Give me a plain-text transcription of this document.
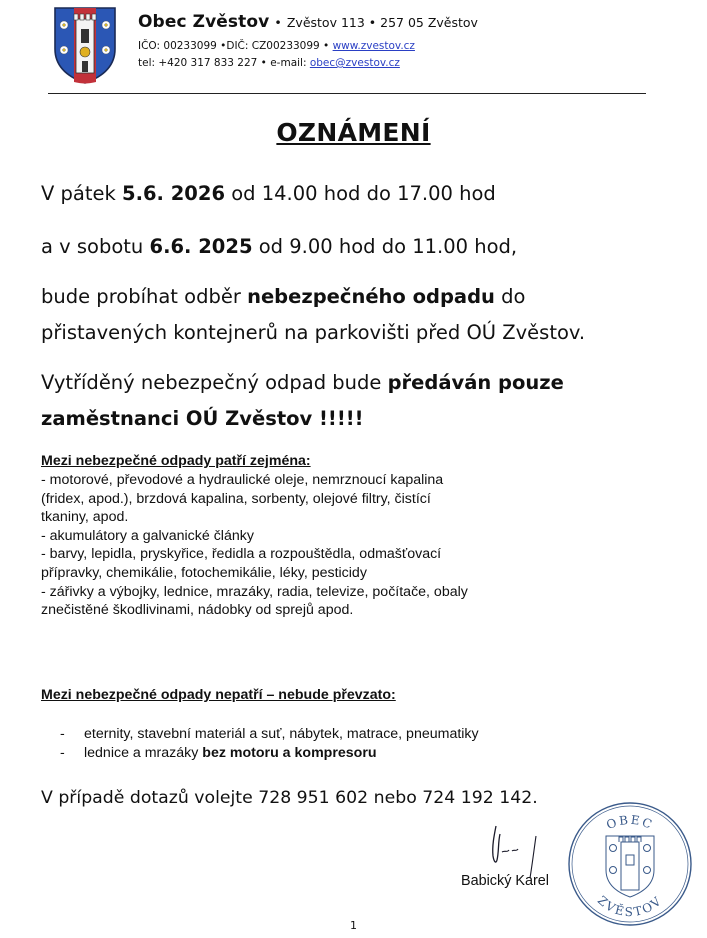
Obec Zvěstov • Zvěstov 113 • 257 05 Zvěstov
IČO: 00233099 •DIČ: CZ00233099 • www.zvestov.cz
tel: +420 317 833 227 • e-mail: obec@zvestov.cz
OZNÁMENÍ
V pátek 5.6. 2026 od 14.00 hod do 17.00 hod
a v sobotu 6.6. 2025 od 9.00 hod do 11.00 hod,
bude probíhat odběr nebezpečného odpadu do
přistavených kontejnerů na parkovišti před OÚ Zvěstov.
Vytříděný nebezpečný odpad bude předáván pouze
zaměstnanci OÚ Zvěstov !!!!!
Mezi nebezpečné odpady patří zejména:
- motorové, převodové a hydraulické oleje, nemrznoucí kapalina (fridex, apod.), brzdová kapalina, sorbenty, olejové filtry, čistící tkaniny, apod.
- akumulátory a galvanické články
- barvy, lepidla, pryskyřice, ředidla a rozpouštědla, odmašťovací přípravky, chemikálie, fotochemikálie, léky, pesticidy
- zářivky a výbojky, lednice, mrazáky, radia, televize, počítače, obaly znečistěné škodlivinami, nádobky od sprejů apod.
Mezi nebezpečné odpady nepatří – nebude převzato:
- eternity, stavební materiál a suť, nábytek, matrace, pneumatiky
- lednice a mrazáky bez motoru a kompresoru
V případě dotazů volejte 728 951 602 nebo 724 192 142.
Babický Karel
OBEC
ZVĚSTOV
1
